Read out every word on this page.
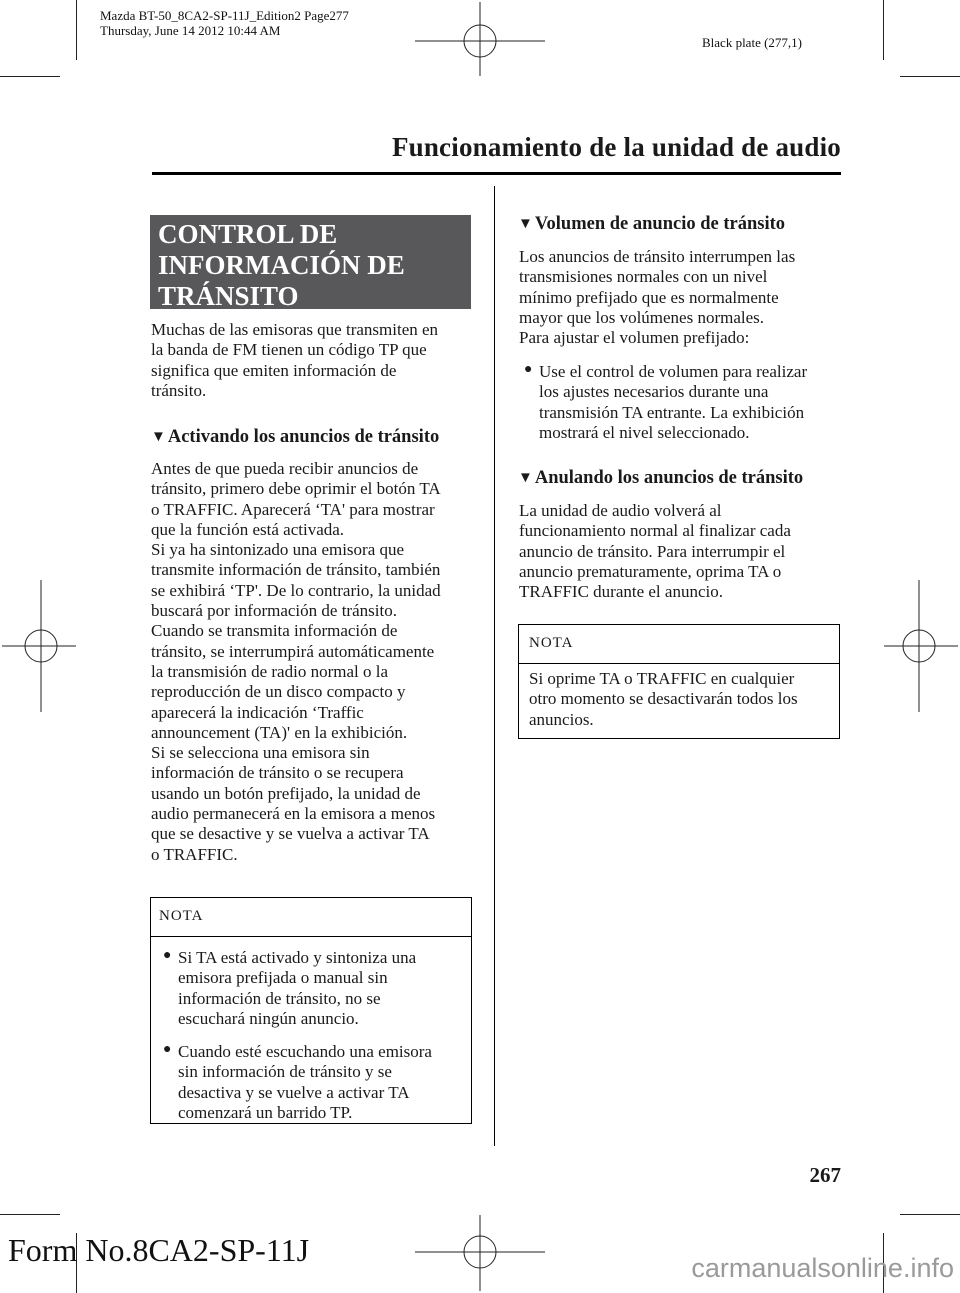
Mazda BT-50_8CA2-SP-11J_Edition2 Page277
Thursday, June 14 2012 10:44 AM
Black plate (277,1)
Funcionamiento de la unidad de audio
CONTROL DE
INFORMACIÓN DE
TRÁNSITO
Muchas de las emisoras que transmiten en
la banda de FM tienen un código TP que
significa que emiten información de
tránsito.
▼ Activando los anuncios de tránsito
Antes de que pueda recibir anuncios de
tránsito, primero debe oprimir el botón TA
o TRAFFIC. Aparecerá ‘TA' para mostrar
que la función está activada.
Si ya ha sintonizado una emisora que
transmite información de tránsito, también
se exhibirá ‘TP'. De lo contrario, la unidad
buscará por información de tránsito.
Cuando se transmita información de
tránsito, se interrumpirá automáticamente
la transmisión de radio normal o la
reproducción de un disco compacto y
aparecerá la indicación ‘Traffic
announcement (TA)' en la exhibición.
Si se selecciona una emisora sin
información de tránsito o se recupera
usando un botón prefijado, la unidad de
audio permanecerá en la emisora a menos
que se desactive y se vuelva a activar TA
o TRAFFIC.
NOTA
● Si TA está activado y sintoniza una
emisora prefijada o manual sin
información de tránsito, no se
escuchará ningún anuncio.
● Cuando esté escuchando una emisora
sin información de tránsito y se
desactiva y se vuelve a activar TA
comenzará un barrido TP.
▼ Volumen de anuncio de tránsito
Los anuncios de tránsito interrumpen las
transmisiones normales con un nivel
mínimo prefijado que es normalmente
mayor que los volúmenes normales.
Para ajustar el volumen prefijado:
● Use el control de volumen para realizar
los ajustes necesarios durante una
transmisión TA entrante. La exhibición
mostrará el nivel seleccionado.
▼ Anulando los anuncios de tránsito
La unidad de audio volverá al
funcionamiento normal al finalizar cada
anuncio de tránsito. Para interrumpir el
anuncio prematuramente, oprima TA o
TRAFFIC durante el anuncio.
NOTA
Si oprime TA o TRAFFIC en cualquier
otro momento se desactivarán todos los
anuncios.
267
Form No.8CA2-SP-11J	carmanualsonline.info
